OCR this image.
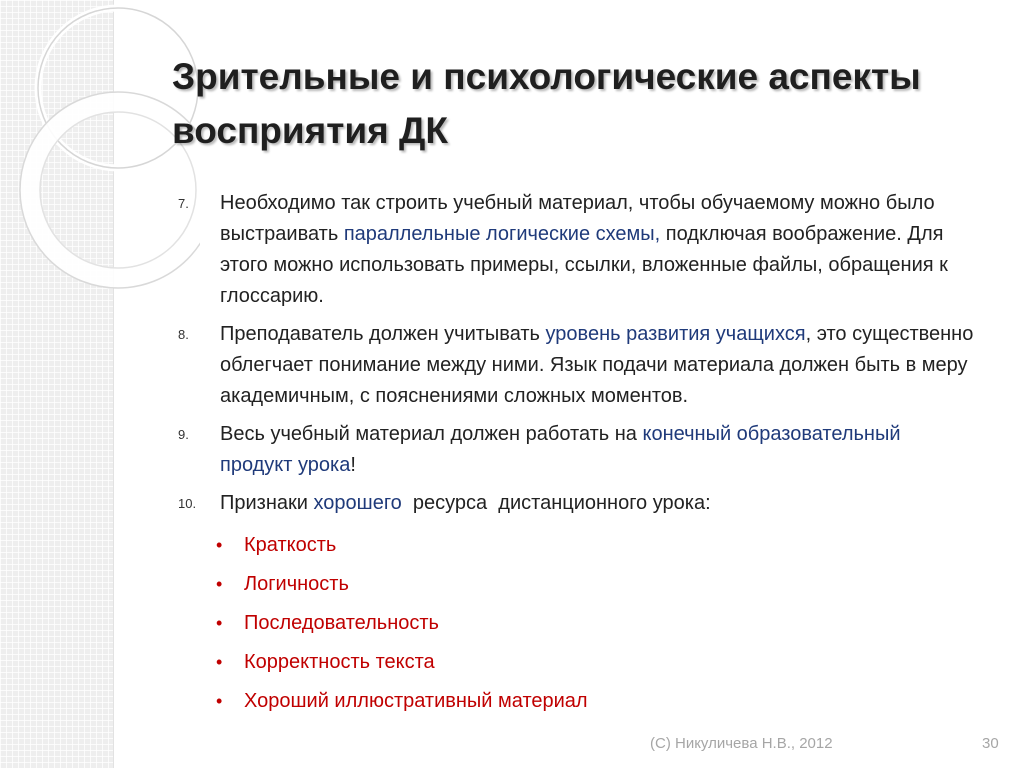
Зрительные и психологические аспекты восприятия ДК
7. Необходимо так строить учебный материал, чтобы обучаемому можно было выстраивать параллельные логические схемы, подключая воображение. Для этого можно использовать примеры, ссылки, вложенные файлы, обращения к глоссарию.
8. Преподаватель должен учитывать уровень развития учащихся, это существенно облегчает понимание между ними. Язык подачи материала должен быть в меру академичным, с пояснениями сложных моментов.
9. Весь учебный материал должен работать на конечный образовательный продукт урока!
10. Признаки хорошего  ресурса  дистанционного урока:
• Краткость
• Логичность
• Последовательность
• Корректность текста
• Хороший иллюстративный материал
(C) Никуличева Н.В., 2012	30
